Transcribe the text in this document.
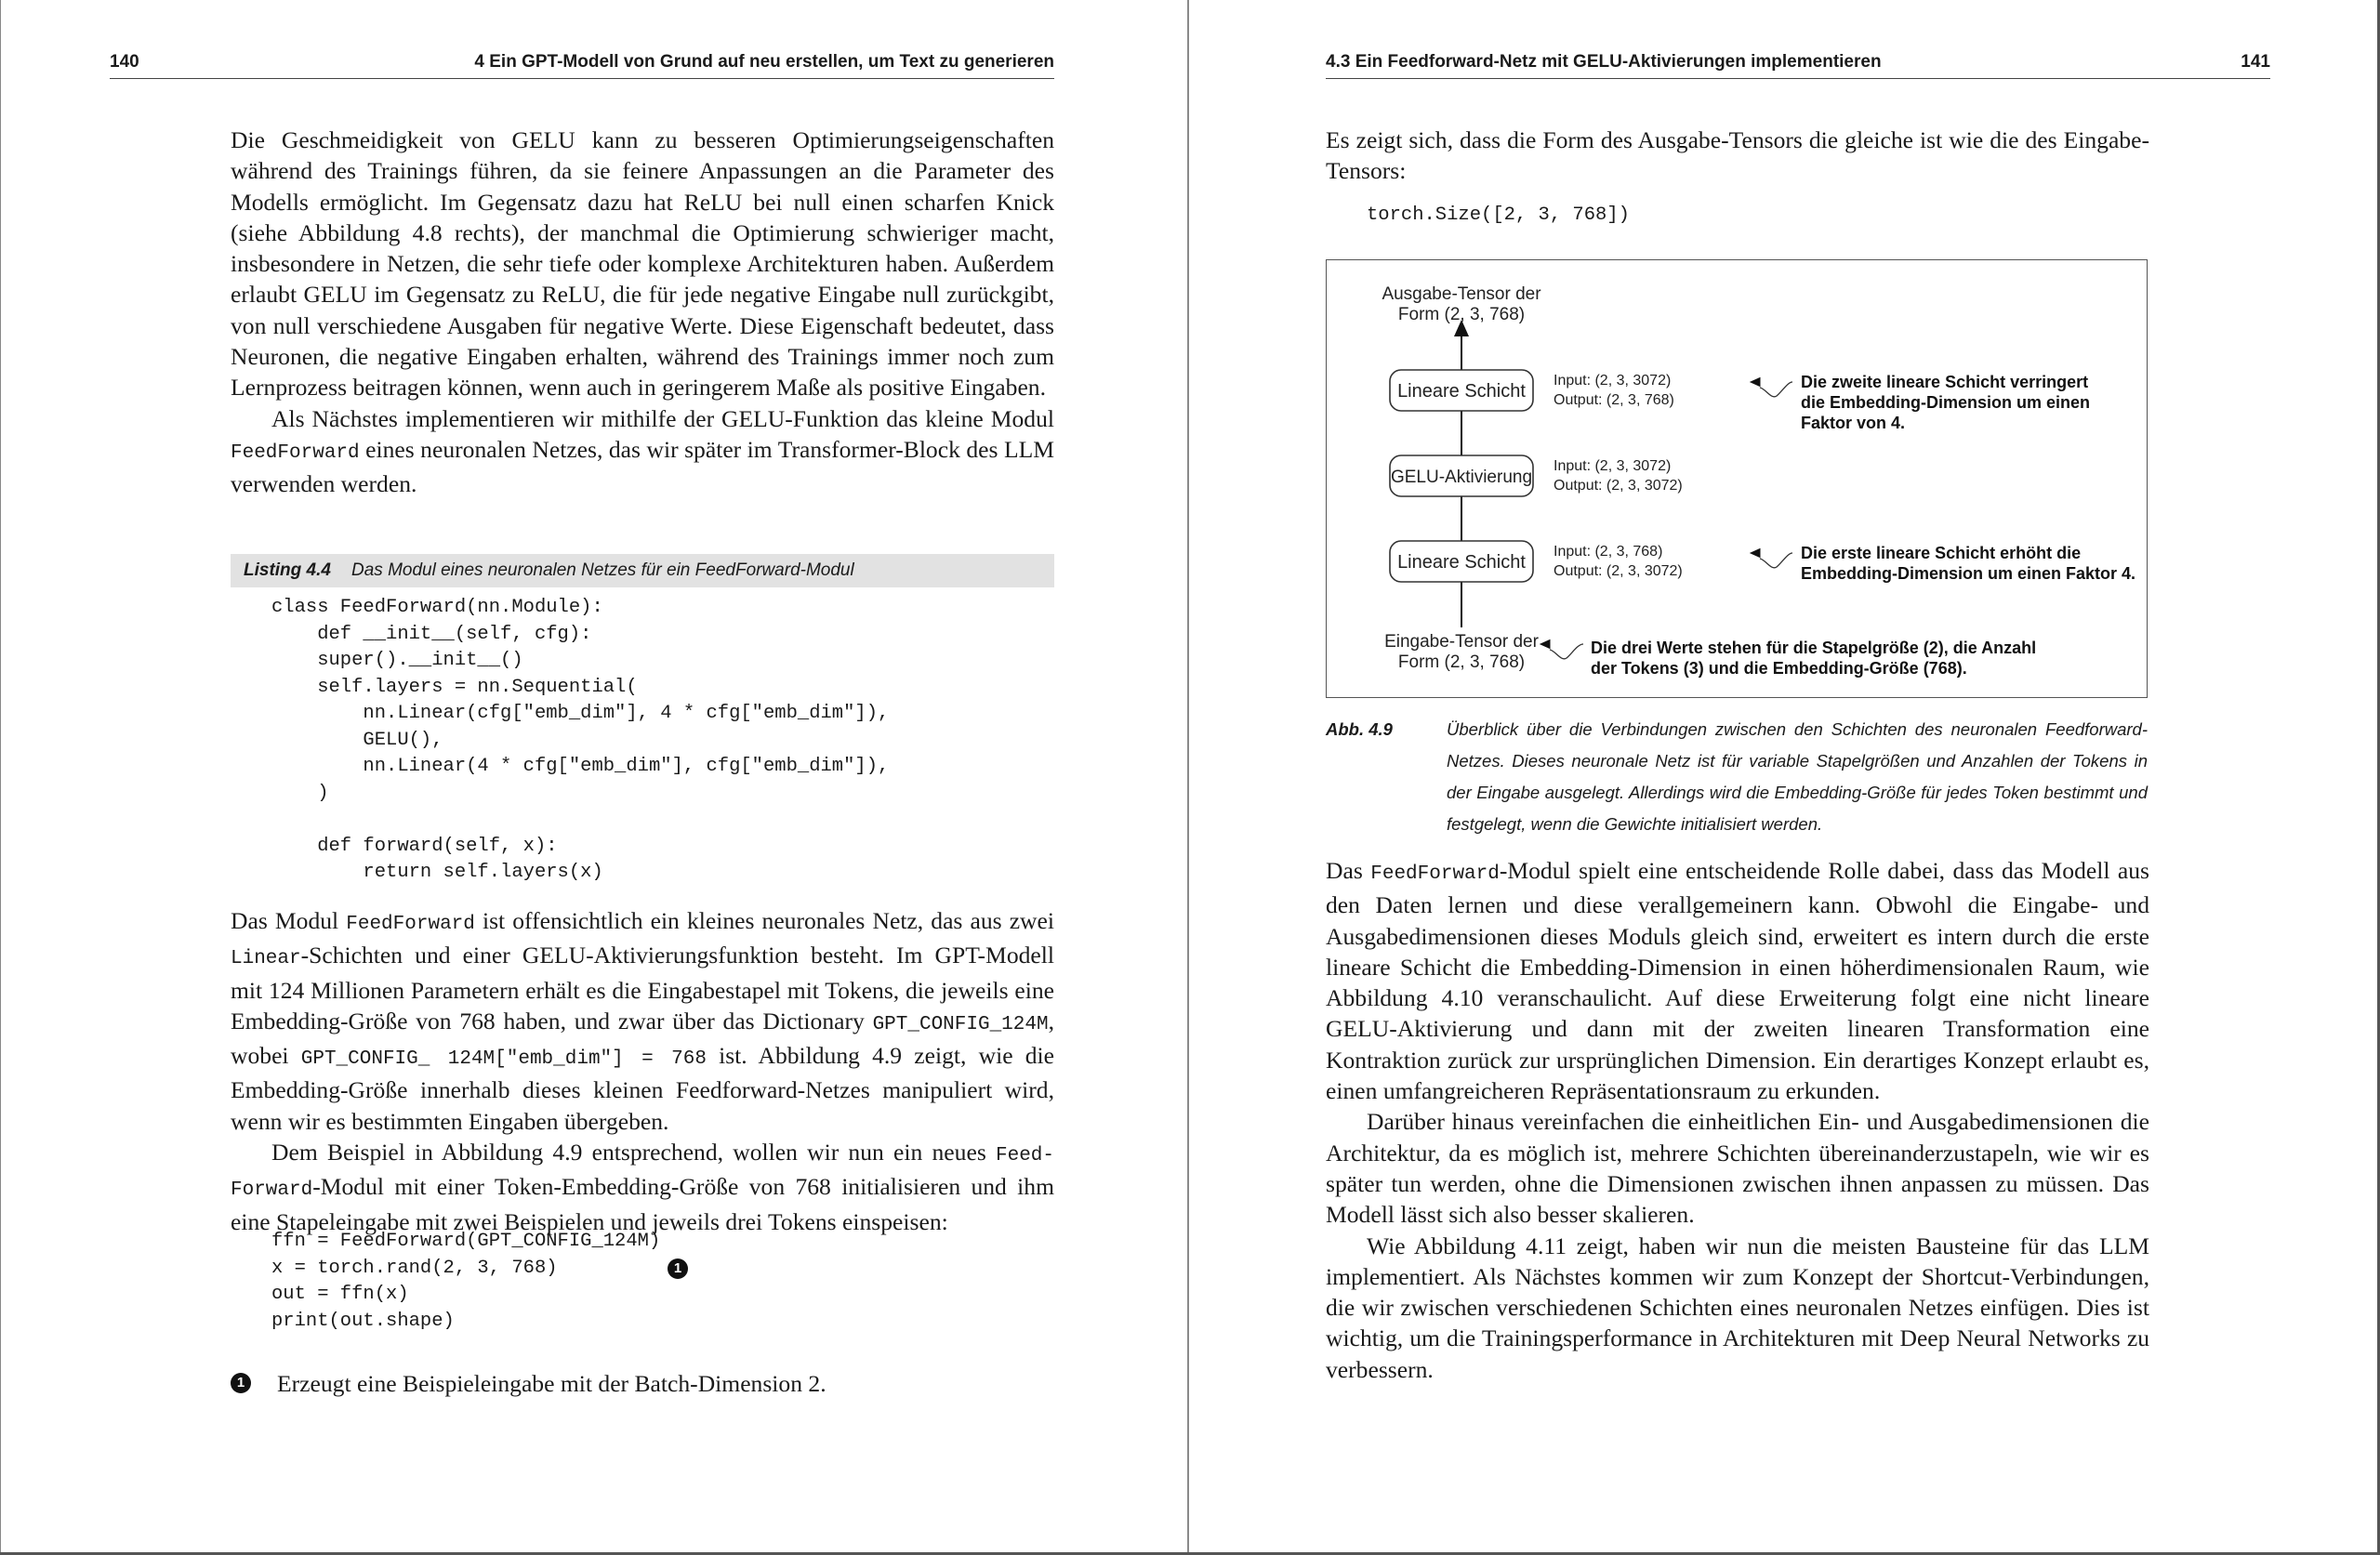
140	4 Ein GPT-Modell von Grund auf neu erstellen, um Text zu generieren

Die Geschmeidigkeit von GELU kann zu besseren Optimierungseigenschaften während des Trainings führen, da sie feinere Anpassungen an die Parameter des Modells ermöglicht. Im Gegensatz dazu hat ReLU bei null einen scharfen Knick (siehe Abbildung 4.8 rechts), der manchmal die Optimierung schwieriger macht, insbesondere in Netzen, die sehr tiefe oder komplexe Architekturen haben. Außerdem erlaubt GELU im Gegensatz zu ReLU, die für jede negative Eingabe null zurückgibt, von null verschiedene Ausgaben für negative Werte. Diese Eigenschaft bedeutet, dass Neuronen, die negative Eingaben erhalten, während des Trainings immer noch zum Lernprozess beitragen können, wenn auch in geringerem Maße als positive Eingaben.

Als Nächstes implementieren wir mithilfe der GELU-Funktion das kleine Modul FeedForward eines neuronalen Netzes, das wir später im Transformer-Block des LLM verwenden werden.

Listing 4.4 Das Modul eines neuronalen Netzes für ein FeedForward-Modul
class FeedForward(nn.Module):
def __init__(self, cfg):
super().__init__()
self.layers = nn.Sequential(
nn.Linear(cfg["emb_dim"], 4 * cfg["emb_dim"]),
GELU(),
nn.Linear(4 * cfg["emb_dim"], cfg["emb_dim"]),
)

def forward(self, x):
return self.layers(x)

Das Modul FeedForward ist offensichtlich ein kleines neuronales Netz, das aus zwei Linear-Schichten und einer GELU-Aktivierungsfunktion besteht. Im GPT-Modell mit 124 Millionen Parametern erhält es die Eingabestapel mit Tokens, die jeweils eine Embedding-Größe von 768 haben, und zwar über das Dictionary GPT_CONFIG_124M, wobei GPT_CONFIG_ 124M["emb_dim"] = 768 ist. Abbildung 4.9 zeigt, wie die Embedding-Größe innerhalb dieses kleinen Feedforward-Netzes manipuliert wird, wenn wir es bestimmten Eingaben übergeben.

Dem Beispiel in Abbildung 4.9 entsprechend, wollen wir nun ein neues Feed-Forward-Modul mit einer Token-Embedding-Größe von 768 initialisieren und ihm eine Stapeleingabe mit zwei Beispielen und jeweils drei Tokens einspeisen:

ffn = FeedForward(GPT_CONFIG_124M)
x = torch.rand(2, 3, 768)	1
out = ffn(x)
print(out.shape)
1 Erzeugt eine Beispieleingabe mit der Batch-Dimension 2.
4.3 Ein Feedforward-Netz mit GELU-Aktivierungen implementieren	141

Es zeigt sich, dass die Form des Ausgabe-Tensors die gleiche ist wie die des Eingabe-Tensors:

torch.Size([2, 3, 768])
Ausgabe-Tensor der
Form (2, 3, 768)
Lineare Schicht
GELU-Aktivierung
Lineare Schicht
Eingabe-Tensor der
Form (2, 3, 768)
Input: (2, 3, 3072)
Output: (2, 3, 768)
Input: (2, 3, 3072)
Output: (2, 3, 3072)
Input: (2, 3, 768)
Output: (2, 3, 3072)
Die zweite lineare Schicht verringert
die Embedding-Dimension um einen
Faktor von 4.
Die erste lineare Schicht erhöht die
Embedding-Dimension um einen Faktor 4.
Die drei Werte stehen für die Stapelgröße (2), die Anzahl
der Tokens (3) und die Embedding-Größe (768).
Abb. 4.9	Überblick über die Verbindungen zwischen den Schichten des neuronalen Feedforward-Netzes. Dieses neuronale Netz ist für variable Stapelgrößen und Anzahlen der Tokens in der Eingabe ausgelegt. Allerdings wird die Embedding-Größe für jedes Token bestimmt und festgelegt, wenn die Gewichte initialisiert werden.

Das FeedForward-Modul spielt eine entscheidende Rolle dabei, dass das Modell aus den Daten lernen und diese verallgemeinern kann. Obwohl die Eingabe- und Ausgabedimensionen dieses Moduls gleich sind, erweitert es intern durch die erste lineare Schicht die Embedding-Dimension in einen höherdimensionalen Raum, wie Abbildung 4.10 veranschaulicht. Auf diese Erweiterung folgt eine nicht lineare GELU-Aktivierung und dann mit der zweiten linearen Transformation eine Kontraktion zurück zur ursprünglichen Dimension. Ein derartiges Konzept erlaubt es, einen umfangreicheren Repräsentationsraum zu erkunden.

Darüber hinaus vereinfachen die einheitlichen Ein- und Ausgabedimensionen die Architektur, da es möglich ist, mehrere Schichten übereinanderzustapeln, wie wir es später tun werden, ohne die Dimensionen zwischen ihnen anpassen zu müssen. Das Modell lässt sich also besser skalieren.

Wie Abbildung 4.11 zeigt, haben wir nun die meisten Bausteine für das LLM implementiert. Als Nächstes kommen wir zum Konzept der Shortcut-Verbindungen, die wir zwischen verschiedenen Schichten eines neuronalen Netzes einfügen. Dies ist wichtig, um die Trainingsperformance in Architekturen mit Deep Neural Networks zu verbessern.
